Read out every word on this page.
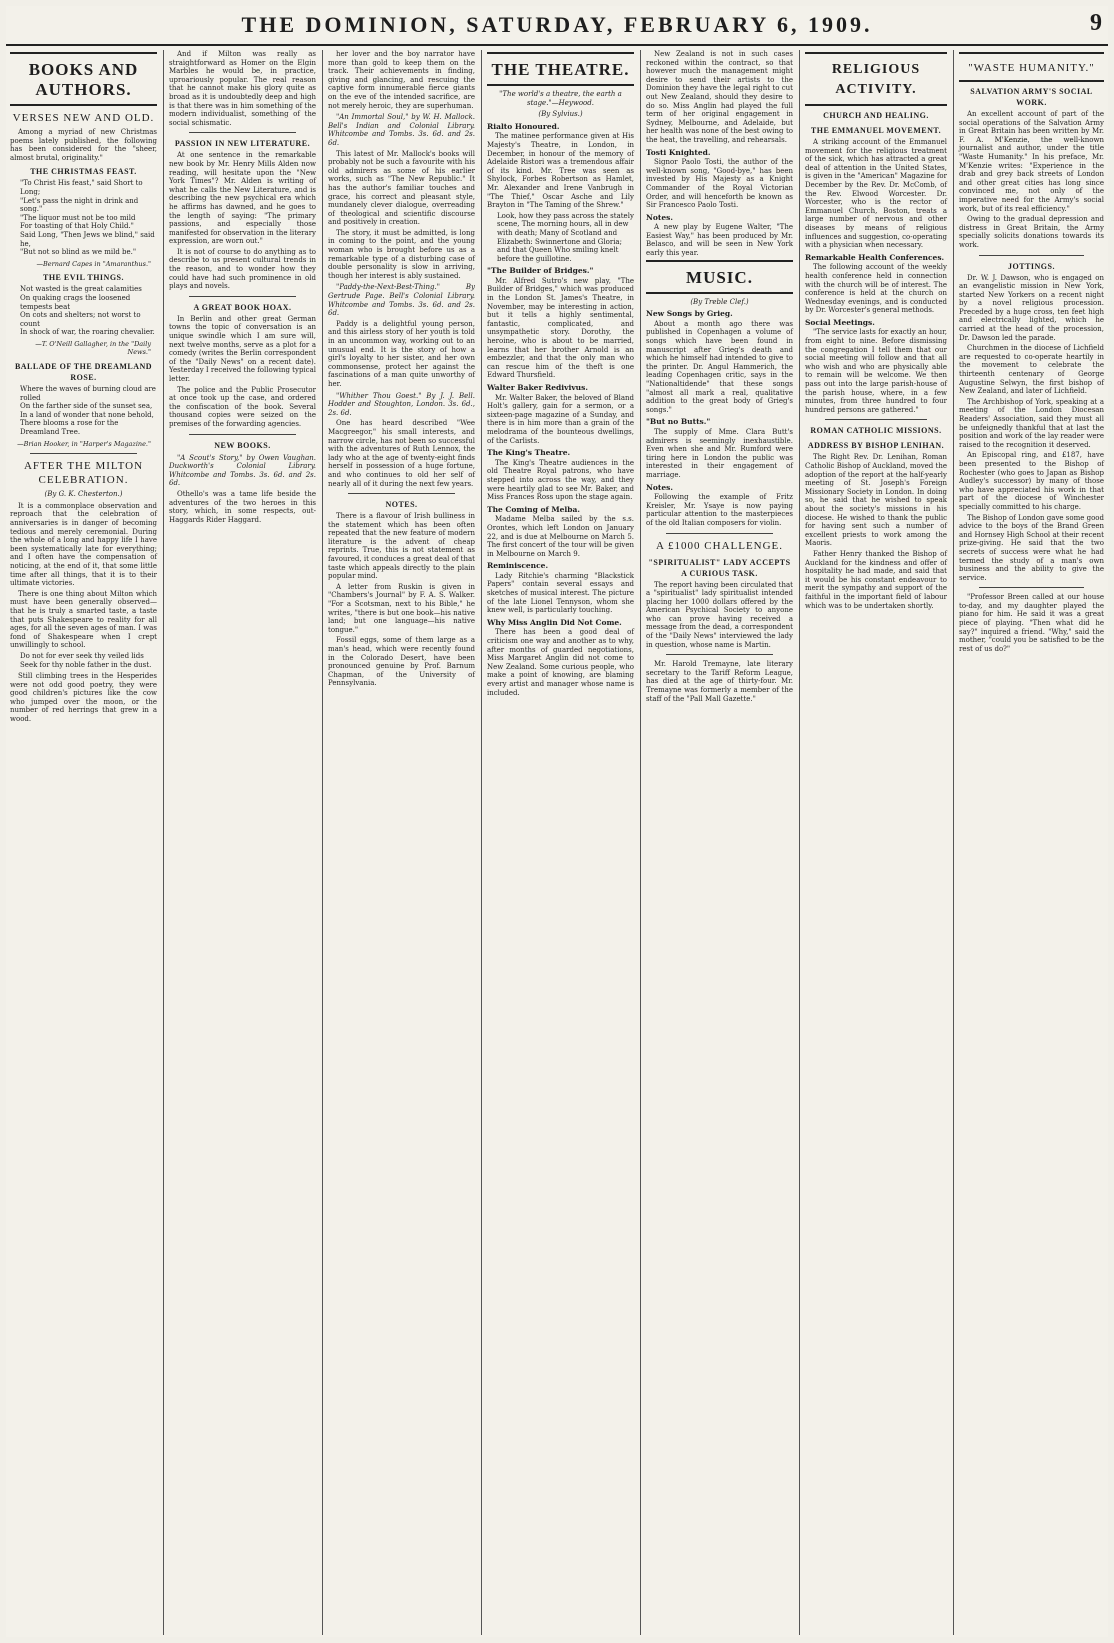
THE DOMINION, SATURDAY, FEBRUARY 6, 1909.	9
BOOKS AND AUTHORS.
VERSES NEW AND OLD.

Among a myriad of new Christmas poems lately published, the following has been considered for the "sheer, almost brutal, originality."

THE CHRISTMAS FEAST.
"To Christ His feast," said Short to Long;
"Let's pass the night in drink and song."
"The liquor must not be too mild
For toasting of that Holy Child."
Said Long, "Then Jews we blind," said he,
"But not so blind as we mild be."
—Bernard Capes in "Amaranthus."
THE EVIL THINGS.
Not wasted is the great calamities
On quaking crags the loosened tempests beat
On cots and shelters; not worst to count
In shock of war, the roaring chevalier.
—T. O'Neill Gallagher, in the "Daily News."
BALLADE OF THE DREAMLAND ROSE.
Where the waves of burning cloud are rolled
On the farther side of the sunset sea,
In a land of wonder that none behold,
There blooms a rose for the Dreamland Tree.
—Brian Hooker, in "Harper's Magazine."
AFTER THE MILTON CELEBRATION.
(By G. K. Chesterton.)

It is a commonplace observation and reproach that the celebration of anniversaries is in danger of becoming tedious and merely ceremonial. During the whole of a long and happy life I have been systematically late for everything; and I often have the compensation of noticing, at the end of it, that some little time after all things, that it is to their ultimate victories.

There is one thing about Milton which must have been generally observed—that he is truly a smarted taste, a taste that puts Shakespeare to reality for all ages, for all the seven ages of man. I was fond of Shakespeare when I crept unwillingly to school.

Do not for ever seek thy veiled lids
Seek for thy noble father in the dust.

Still climbing trees in the Hesperides were not odd good poetry, they were good children's pictures like the cow who jumped over the moon, or the number of red herrings that grew in a wood.

And if Milton was really as straightforward as Homer on the Elgin Marbles he would be, in practice, uproariously popular. The real reason that he cannot make his glory quite as broad as it is undoubtedly deep and high is that there was in him something of the modern individualist, something of the social schismatic.

PASSION IN NEW LITERATURE.

At one sentence in the remarkable new book by Mr. Henry Mills Alden now reading, will hesitate upon the "New York Times"? Mr. Alden is writing of what he calls the New Literature, and is describing the new psychical era which he affirms has dawned, and he goes to the length of saying: "The primary passions, and especially those manifested for observation in the literary expression, are worn out."

It is not of course to do anything as to describe to us present cultural trends in the reason, and to wonder how they could have had such prominence in old plays and novels.

A GREAT BOOK HOAX.

In Berlin and other great German towns the topic of conversation is an unique swindle which I am sure will, next twelve months, serve as a plot for a comedy (writes the Berlin correspondent of the "Daily News" on a recent date). Yesterday I received the following typical letter.

The police and the Public Prosecutor at once took up the case, and ordered the confiscation of the book. Several thousand copies were seized on the premises of the forwarding agencies.

NEW BOOKS.

"A Scout's Story," by Owen Vaughan. Duckworth's Colonial Library. Whitcombe and Tombs. 3s. 6d. and 2s. 6d.

Othello's was a tame life beside the adventures of the two heroes in this story, which, in some respects, out-Haggards Rider Haggard.

her lover and the boy narrator have more than gold to keep them on the track. Their achievements in finding, giving and glancing, and rescuing the captive form innumerable fierce giants on the eve of the intended sacrifice, are not merely heroic, they are superhuman.

"An Immortal Soul," by W. H. Mallock. Bell's Indian and Colonial Library. Whitcombe and Tombs. 3s. 6d. and 2s. 6d.

This latest of Mr. Mallock's books will probably not be such a favourite with his old admirers as some of his earlier works, such as "The New Republic." It has the author's familiar touches and grace, his correct and pleasant style, mundanely clever dialogue, overreading of theological and scientific discourse and positively in creation.

The story, it must be admitted, is long in coming to the point, and the young woman who is brought before us as a remarkable type of a disturbing case of double personality is slow in arriving, though her interest is ably sustained.

"Paddy-the-Next-Best-Thing." By Gertrude Page. Bell's Colonial Library. Whitcombe and Tombs. 3s. 6d. and 2s. 6d.

Paddy is a delightful young person, and this airless story of her youth is told in an uncommon way, working out to an unusual end. It is the story of how a girl's loyalty to her sister, and her own commonsense, protect her against the fascinations of a man quite unworthy of her.

"Whither Thou Goest." By J. J. Bell. Hodder and Stoughton, London. 3s. 6d., 2s. 6d.

One has heard described "Wee Macgreegor," his small interests, and narrow circle, has not been so successful with the adventures of Ruth Lennox, the lady who at the age of twenty-eight finds herself in possession of a huge fortune, and who continues to old her self of nearly all of it during the next few years.

NOTES.

There is a flavour of Irish bulliness in the statement which has been often repeated that the new feature of modern literature is the advent of cheap reprints. True, this is not statement as favoured, it conduces a great deal of that taste which appeals directly to the plain popular mind.

A letter from Ruskin is given in "Chambers's Journal" by F. A. S. Walker. "For a Scotsman, next to his Bible," he writes, "there is but one book—his native land; but one language—his native tongue."

Fossil eggs, some of them large as a man's head, which were recently found in the Colorado Desert, have been pronounced genuine by Prof. Barnum Chapman, of the University of Pennsylvania.

THE THEATRE.
"The world's a theatre, the earth a stage."—Heywood.
(By Sylvius.)
Rialto Honoured.

The matinee performance given at His Majesty's Theatre, in London, in December, in honour of the memory of Adelaide Ristori was a tremendous affair of its kind. Mr. Tree was seen as Shylock, Forbes Robertson as Hamlet, Mr. Alexander and Irene Vanbrugh in "The Thief," Oscar Asche and Lily Brayton in "The Taming of the Shrew."

Look, how they pass across the stately scene, The morning hours, all in dew with death; Many of Scotland and Elizabeth: Swinnertone and Gloria; and that Queen Who smiling knelt before the guillotine.
"The Builder of Bridges."

Mr. Alfred Sutro's new play, "The Builder of Bridges," which was produced in the London St. James's Theatre, in November, may be interesting in action, but it tells a highly sentimental, fantastic, complicated, and unsympathetic story. Dorothy, the heroine, who is about to be married, learns that her brother Arnold is an embezzler, and that the only man who can rescue him of the theft is one Edward Thursfield.

Walter Baker Redivivus.

Mr. Walter Baker, the beloved of Bland Holt's gallery, gain for a sermon, or a sixteen-page magazine of a Sunday, and there is in him more than a grain of the melodrama of the bounteous dwellings, of the Carlists.

The King's Theatre.

The King's Theatre audiences in the old Theatre Royal patrons, who have stepped into across the way, and they were heartily glad to see Mr. Baker, and Miss Frances Ross upon the stage again.

The Coming of Melba.

Madame Melba sailed by the s.s. Orontes, which left London on January 22, and is due at Melbourne on March 5. The first concert of the tour will be given in Melbourne on March 9.

Reminiscence.

Lady Ritchie's charming "Blackstick Papers" contain several essays and sketches of musical interest. The picture of the late Lionel Tennyson, whom she knew well, is particularly touching.

Why Miss Anglin Did Not Come.

There has been a good deal of criticism one way and another as to why, after months of guarded negotiations, Miss Margaret Anglin did not come to New Zealand. Some curious people, who make a point of knowing, are blaming every artist and manager whose name is included.

New Zealand is not in such cases reckoned within the contract, so that however much the management might desire to send their artists to the Dominion they have the legal right to cut out New Zealand, should they desire to do so. Miss Anglin had played the full term of her original engagement in Sydney, Melbourne, and Adelaide, but her health was none of the best owing to the heat, the travelling, and rehearsals.

Tosti Knighted.

Signor Paolo Tosti, the author of the well-known song, "Good-bye," has been invested by His Majesty as a Knight Commander of the Royal Victorian Order, and will henceforth be known as Sir Francesco Paolo Tosti.

Notes.

A new play by Eugene Walter, "The Easiest Way," has been produced by Mr. Belasco, and will be seen in New York early this year.

MUSIC.
(By Treble Clef.)
New Songs by Grieg.

About a month ago there was published in Copenhagen a volume of songs which have been found in manuscript after Grieg's death and which he himself had intended to give to the printer. Dr. Angul Hammerich, the leading Copenhagen critic, says in the "Nationaltidende" that these songs "almost all mark a real, qualitative addition to the great body of Grieg's songs."

"But no Butts."

The supply of Mme. Clara Butt's admirers is seemingly inexhaustible. Even when she and Mr. Rumford were tiring here in London the public was interested in their engagement of marriage.

Notes.

Following the example of Fritz Kreisler, Mr. Ysaye is now paying particular attention to the masterpieces of the old Italian composers for violin.

A £1000 CHALLENGE.
"SPIRITUALIST" LADY ACCEPTS A CURIOUS TASK.

The report having been circulated that a "spiritualist" lady spiritualist intended placing her 1000 dollars offered by the American Psychical Society to anyone who can prove having received a message from the dead, a correspondent of the "Daily News" interviewed the lady in question, whose name is Martin.

Mr. Harold Tremayne, late literary secretary to the Tariff Reform League, has died at the age of thirty-four. Mr. Tremayne was formerly a member of the staff of the "Pall Mall Gazette."

RELIGIOUS ACTIVITY.
CHURCH AND HEALING.
THE EMMANUEL MOVEMENT.

A striking account of the Emmanuel movement for the religious treatment of the sick, which has attracted a great deal of attention in the United States, is given in the "American" Magazine for December by the Rev. Dr. McComb, of the Rev. Elwood Worcester. Dr. Worcester, who is the rector of Emmanuel Church, Boston, treats a large number of nervous and other diseases by means of religious influences and suggestion, co-operating with a physician when necessary.

Remarkable Health Conferences.

The following account of the weekly health conference held in connection with the church will be of interest. The conference is held at the church on Wednesday evenings, and is conducted by Dr. Worcester's general methods.

Social Meetings.

"The service lasts for exactly an hour, from eight to nine. Before dismissing the congregation I tell them that our social meeting will follow and that all who wish and who are physically able to remain will be welcome. We then pass out into the large parish-house of the parish house, where, in a few minutes, from three hundred to four hundred persons are gathered."

ROMAN CATHOLIC MISSIONS.
ADDRESS BY BISHOP LENIHAN.

The Right Rev. Dr. Lenihan, Roman Catholic Bishop of Auckland, moved the adoption of the report at the half-yearly meeting of St. Joseph's Foreign Missionary Society in London. In doing so, he said that he wished to speak about the society's missions in his diocese. He wished to thank the public for having sent such a number of excellent priests to work among the Maoris.

Father Henry thanked the Bishop of Auckland for the kindness and offer of hospitality he had made, and said that it would be his constant endeavour to merit the sympathy and support of the faithful in the important field of labour which was to be undertaken shortly.

"WASTE HUMANITY."
SALVATION ARMY'S SOCIAL WORK.

An excellent account of part of the social operations of the Salvation Army in Great Britain has been written by Mr. F. A. M'Kenzie, the well-known journalist and author, under the title "Waste Humanity." In his preface, Mr. M'Kenzie writes: "Experience in the drab and grey back streets of London and other great cities has long since convinced me, not only of the imperative need for the Army's social work, but of its real efficiency."

Owing to the gradual depression and distress in Great Britain, the Army specially solicits donations towards its work.

JOTTINGS.

Dr. W. J. Dawson, who is engaged on an evangelistic mission in New York, started New Yorkers on a recent night by a novel religious procession. Preceded by a huge cross, ten feet high and electrically lighted, which he carried at the head of the procession, Dr. Dawson led the parade.

Churchmen in the diocese of Lichfield are requested to co-operate heartily in the movement to celebrate the thirteenth centenary of George Augustine Selwyn, the first bishop of New Zealand, and later of Lichfield.

The Archbishop of York, speaking at a meeting of the London Diocesan Readers' Association, said they must all be unfeignedly thankful that at last the position and work of the lay reader were raised to the recognition it deserved.

An Episcopal ring, and £187, have been presented to the Bishop of Rochester (who goes to Japan as Bishop Audley's successor) by many of those who have appreciated his work in that part of the diocese of Winchester specially committed to his charge.

The Bishop of London gave some good advice to the boys of the Brand Green and Hornsey High School at their recent prize-giving. He said that the two secrets of success were what he had termed the study of a man's own business and the ability to give the service.

"Professor Breen called at our house to-day, and my daughter played the piano for him. He said it was a great piece of playing. "Then what did he say?" inquired a friend. "Why," said the mother, "could you be satisfied to be the rest of us do?"
